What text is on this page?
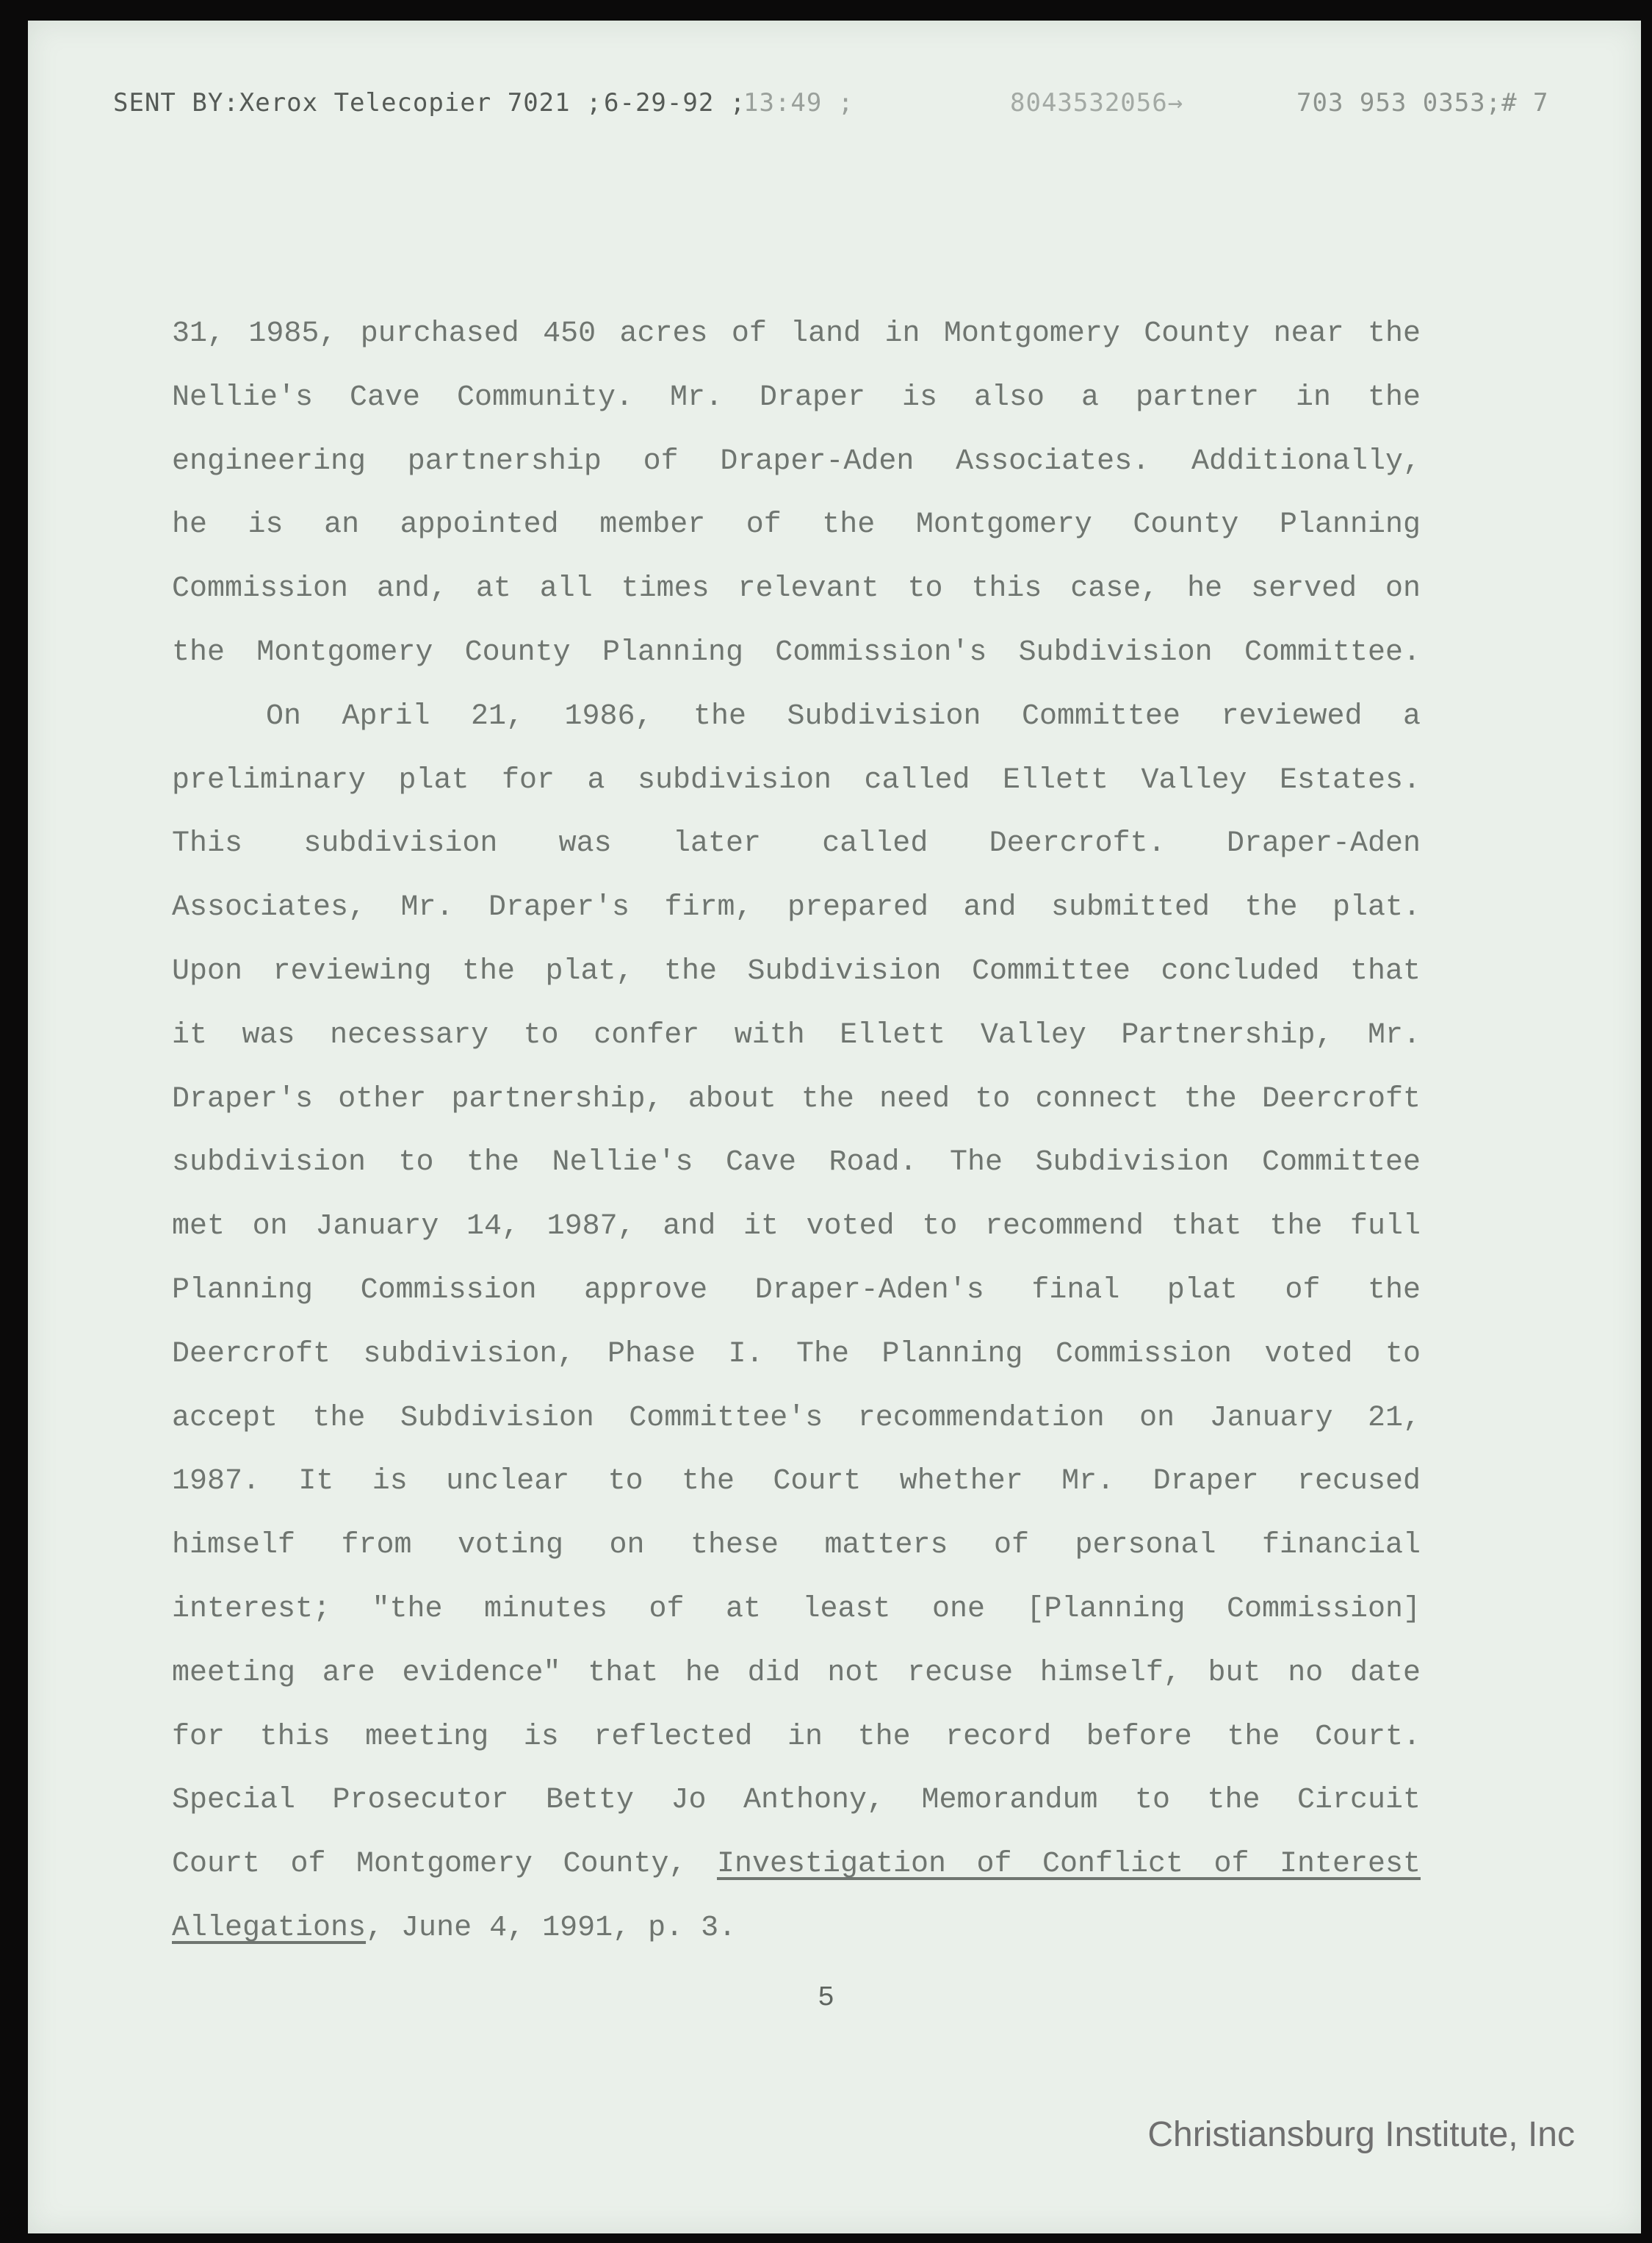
SENT BY:Xerox Telecopier 7021 ; 6-29-92 ;
13:49 ;	8043532056→	703 953 0353;# 7
31, 1985, purchased 450 acres of land in Montgomery County near the
Nellie's Cave Community. Mr. Draper is also a partner in the
engineering partnership of Draper-Aden Associates. Additionally,
he is an appointed member of the Montgomery County Planning
Commission and, at all times relevant to this case, he served on
the Montgomery County Planning Commission's Subdivision Committee.
On April 21, 1986, the Subdivision Committee reviewed a
preliminary plat for a subdivision called Ellett Valley Estates.
This subdivision was later called Deercroft. Draper-Aden
Associates, Mr. Draper's firm, prepared and submitted the plat.
Upon reviewing the plat, the Subdivision Committee concluded that
it was necessary to confer with Ellett Valley Partnership, Mr.
Draper's other partnership, about the need to connect the Deercroft
subdivision to the Nellie's Cave Road. The Subdivision Committee
met on January 14, 1987, and it voted to recommend that the full
Planning Commission approve Draper-Aden's final plat of the
Deercroft subdivision, Phase I. The Planning Commission voted to
accept the Subdivision Committee's recommendation on January 21,
1987. It is unclear to the Court whether Mr. Draper recused
himself from voting on these matters of personal financial
interest; "the minutes of at least one [Planning Commission]
meeting are evidence" that he did not recuse himself, but no date
for this meeting is reflected in the record before the Court.
Special Prosecutor Betty Jo Anthony, Memorandum to the Circuit
Court of Montgomery County, Investigation of Conflict of Interest
Allegations, June 4, 1991, p. 3.
5
Christiansburg Institute, Inc
